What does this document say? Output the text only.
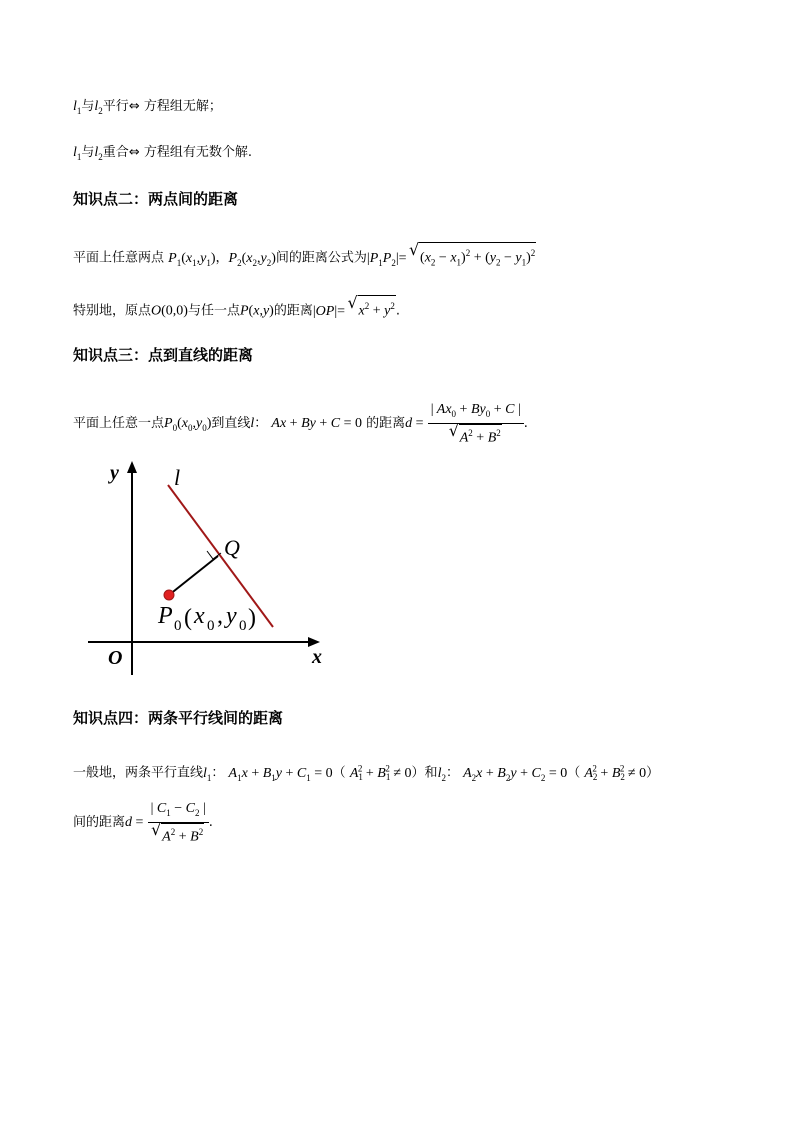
$l_1$与$l_2$平行⇔ 方程组无解；
$l_1$与$l_2$重合⇔ 方程组有无数个解.
知识点二：两点间的距离
平面上任意两点 $P_1(x_1,y_1)$，$P_2(x_2,y_2)$间的距离公式为$|P_1P_2|=$ √ $(x_2 - x_1)^2 + (y_2 - y_1)^2$
特别地，原点O(0,0)与任一点P(x,y)的距离|OP|= √ $x^2 + y^2$.
知识点三：点到直线的距离
平面上任意一点$P_0(x_0,y_0)$到直线l： Ax + By + C = 0 的距离d = | $Ax_0 + By_0 + C$ |
√ $A^2 + B^2$ .
y
x
O
l
Q
P 0 ( x 0 , y 0 )
知识点四：两条平行线间的距离
一般地，两条平行直线$l_1$： $A_1x + B_1y + C_1 = 0$（ $A_1^2 + B_1^2 \ne 0$）和$l_2$： $A_2x + B_2y + C_2 = 0$（ $A_2^2 + B_2^2 \ne 0$）
间的距离d = | $C_1 - C_2$ |
√ $A^2 + B^2$ .
